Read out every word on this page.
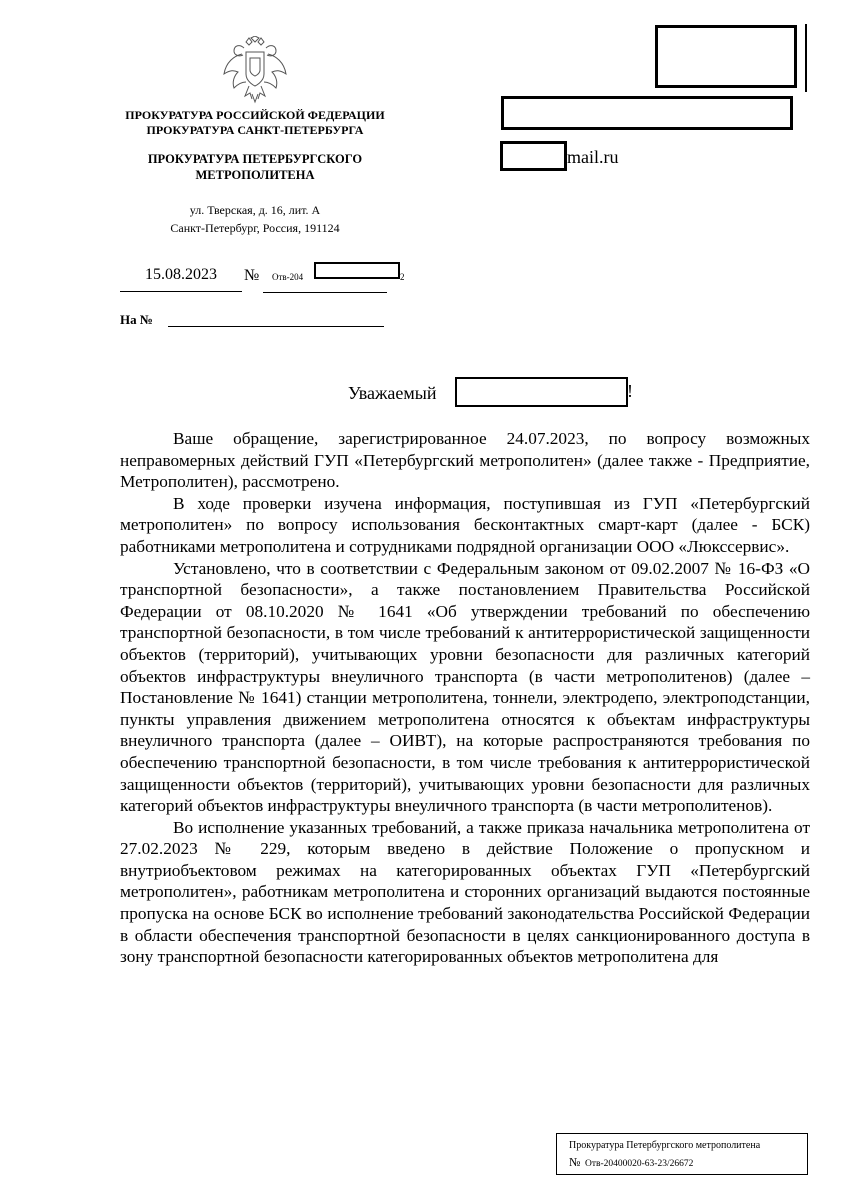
ПРОКУРАТУРА РОССИЙСКОЙ ФЕДЕРАЦИИ
ПРОКУРАТУРА САНКТ-ПЕТЕРБУРГА
ПРОКУРАТУРА ПЕТЕРБУРГСКОГО
МЕТРОПОЛИТЕНА
ул. Тверская, д. 16, лит. А
Санкт-Петербург, Россия, 191124
15.08.2023	№ Отв-204	2
На №
mail.ru
Уважаемый	!

Ваше обращение, зарегистрированное 24.07.2023, по вопросу возможных неправомерных действий ГУП «Петербургский метрополитен» (далее также - Предприятие, Метрополитен), рассмотрено.

В ходе проверки изучена информация, поступившая из ГУП «Петербургский метрополитен» по вопросу использования бесконтактных смарт-карт (далее - БСК) работниками метрополитена и сотрудниками подрядной организации ООО «Люксcервис».

Установлено, что в соответствии с Федеральным законом от 09.02.2007 № 16-ФЗ «О транспортной безопасности», а также постановлением Правительства Российской Федерации от 08.10.2020 № 1641 «Об утверждении требований по обеспечению транспортной безопасности, в том числе требований к антитеррористической защищенности объектов (территорий), учитывающих уровни безопасности для различных категорий объектов инфраструктуры внеуличного транспорта (в части метрополитенов) (далее – Постановление № 1641) станции метрополитена, тоннели, электродепо, электроподстанции, пункты управления движением метрополитена относятся к объектам инфраструктуры внеуличного транспорта (далее – ОИВТ), на которые распространяются требования по обеспечению транспортной безопасности, в том числе требования к антитеррористической защищенности объектов (территорий), учитывающих уровни безопасности для различных категорий объектов инфраструктуры внеуличного транспорта (в части метрополитенов).

Во исполнение указанных требований, а также приказа начальника метрополитена от 27.02.2023 № 229, которым введено в действие Положение о пропускном и внутриобъектовом режимах на категорированных объектах ГУП «Петербургский метрополитен», работникам метрополитена и сторонних организаций выдаются постоянные пропуска на основе БСК во исполнение требований законодательства Российской Федерации в области обеспечения транспортной безопасности в целях санкционированного доступа в зону транспортной безопасности категорированных объектов метрополитена для

Прокуратура Петербургского метрополитена
№ Отв-20400020-63-23/26672
